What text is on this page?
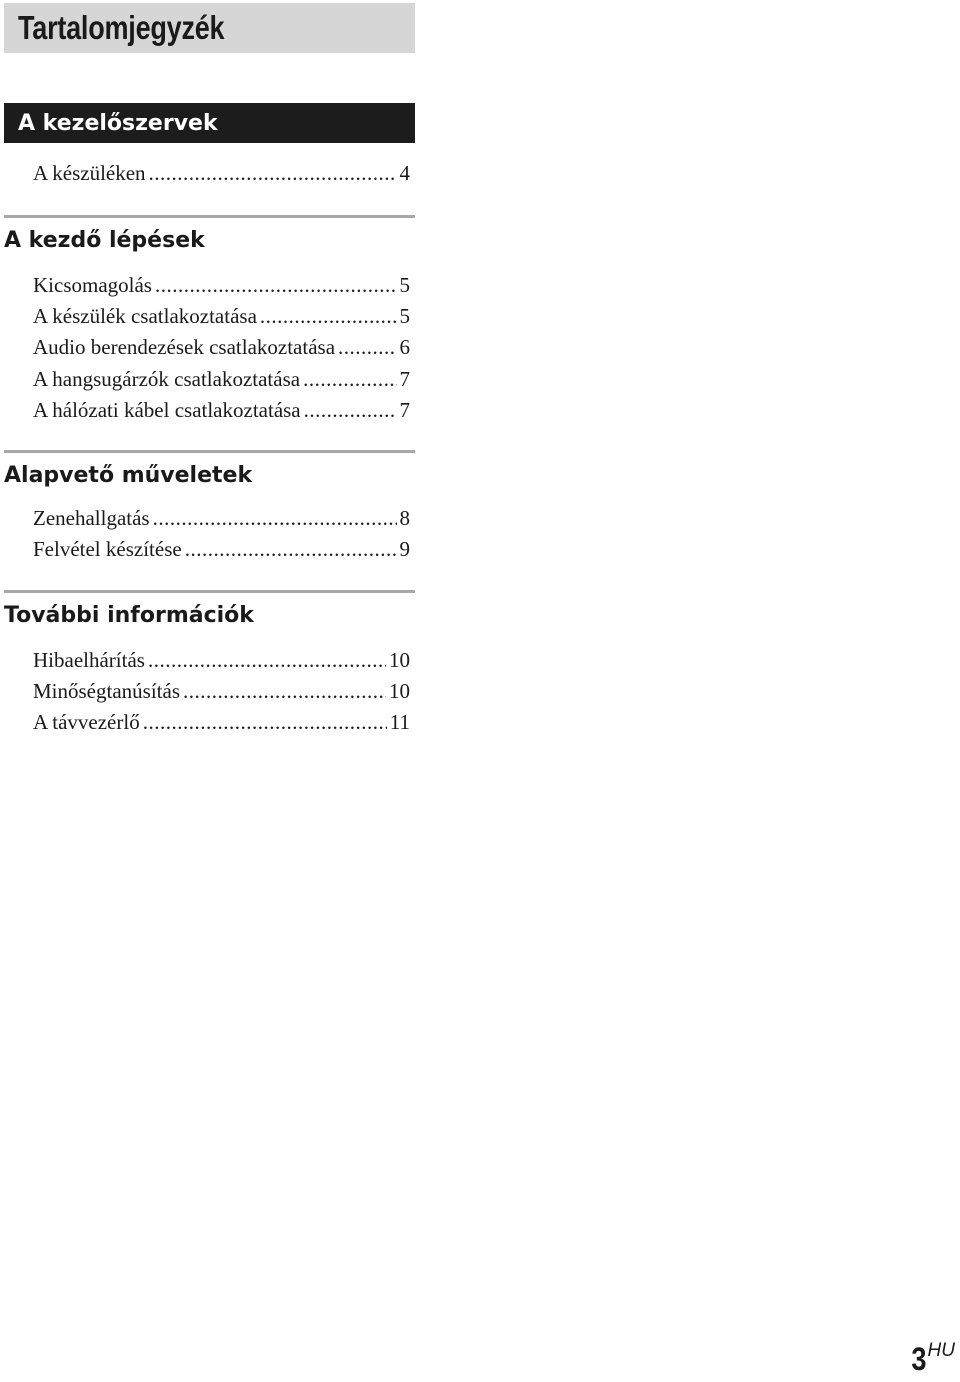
Tartalomjegyzék
A kezelőszervek
A készüléken .....	4
A kezdő lépések
Kicsomagolás .....	5
A készülék csatlakoztatása .....	5
Audio berendezések csatlakoztatása .....	6
A hangsugárzók csatlakoztatása .....	7
A hálózati kábel csatlakoztatása .....	7
Alapvető műveletek
Zenehallgatás .....	8
Felvétel készítése .....	9
További információk
Hibaelhárítás .....	10
Minőségtanúsítás .....	10
A távvezérlő .....	11
3HU
